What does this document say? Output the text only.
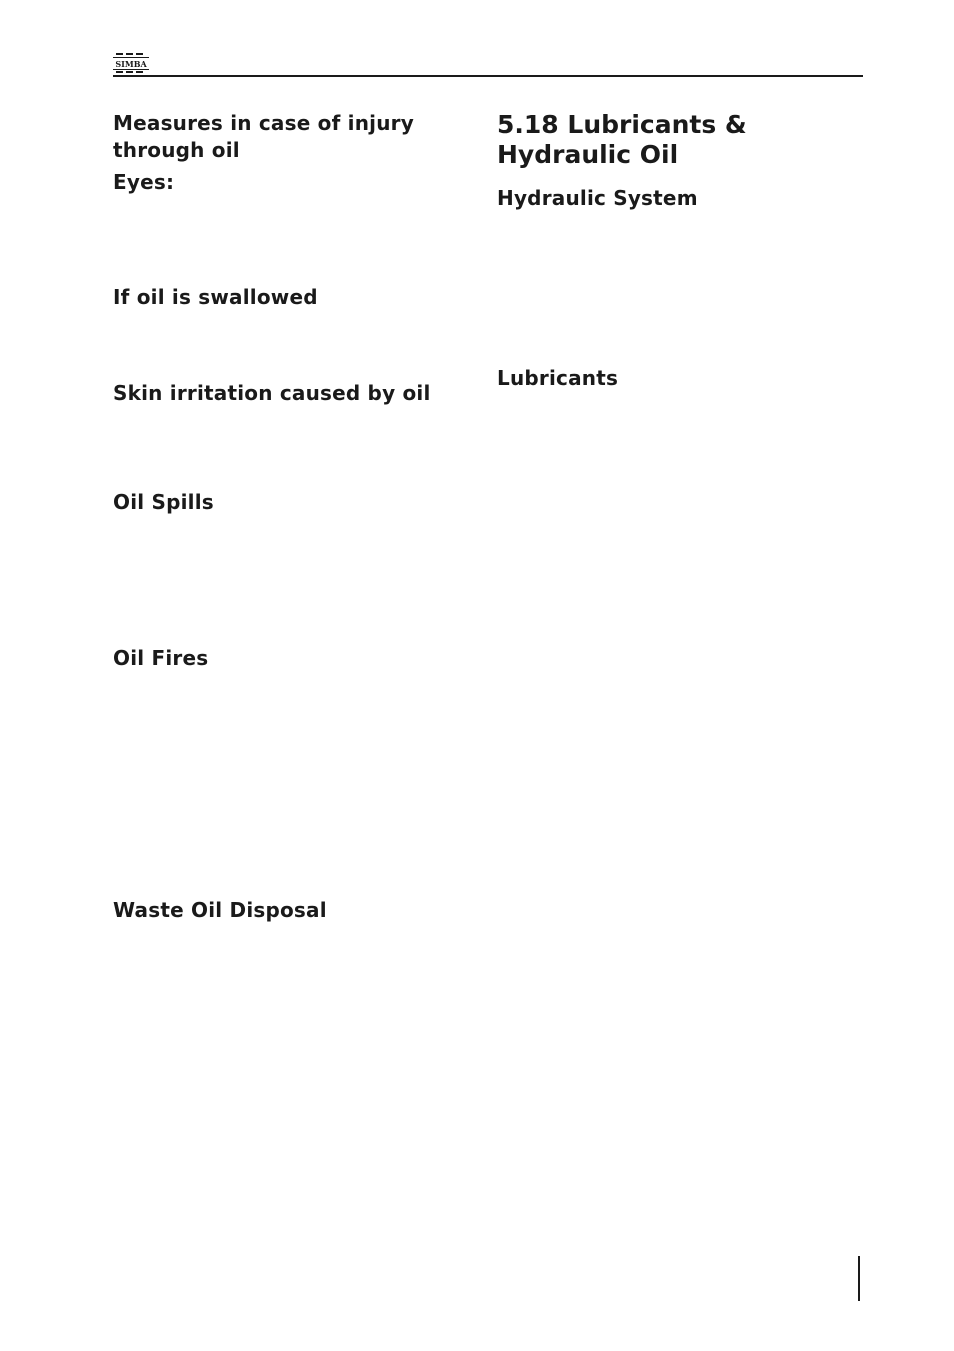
SIMBA
Measures in case of injury
through oil
Eyes:
If oil is swallowed
Skin irritation caused by oil
Oil Spills
Oil Fires
Waste Oil Disposal
5.18 Lubricants &
Hydraulic Oil
Hydraulic System
Lubricants
